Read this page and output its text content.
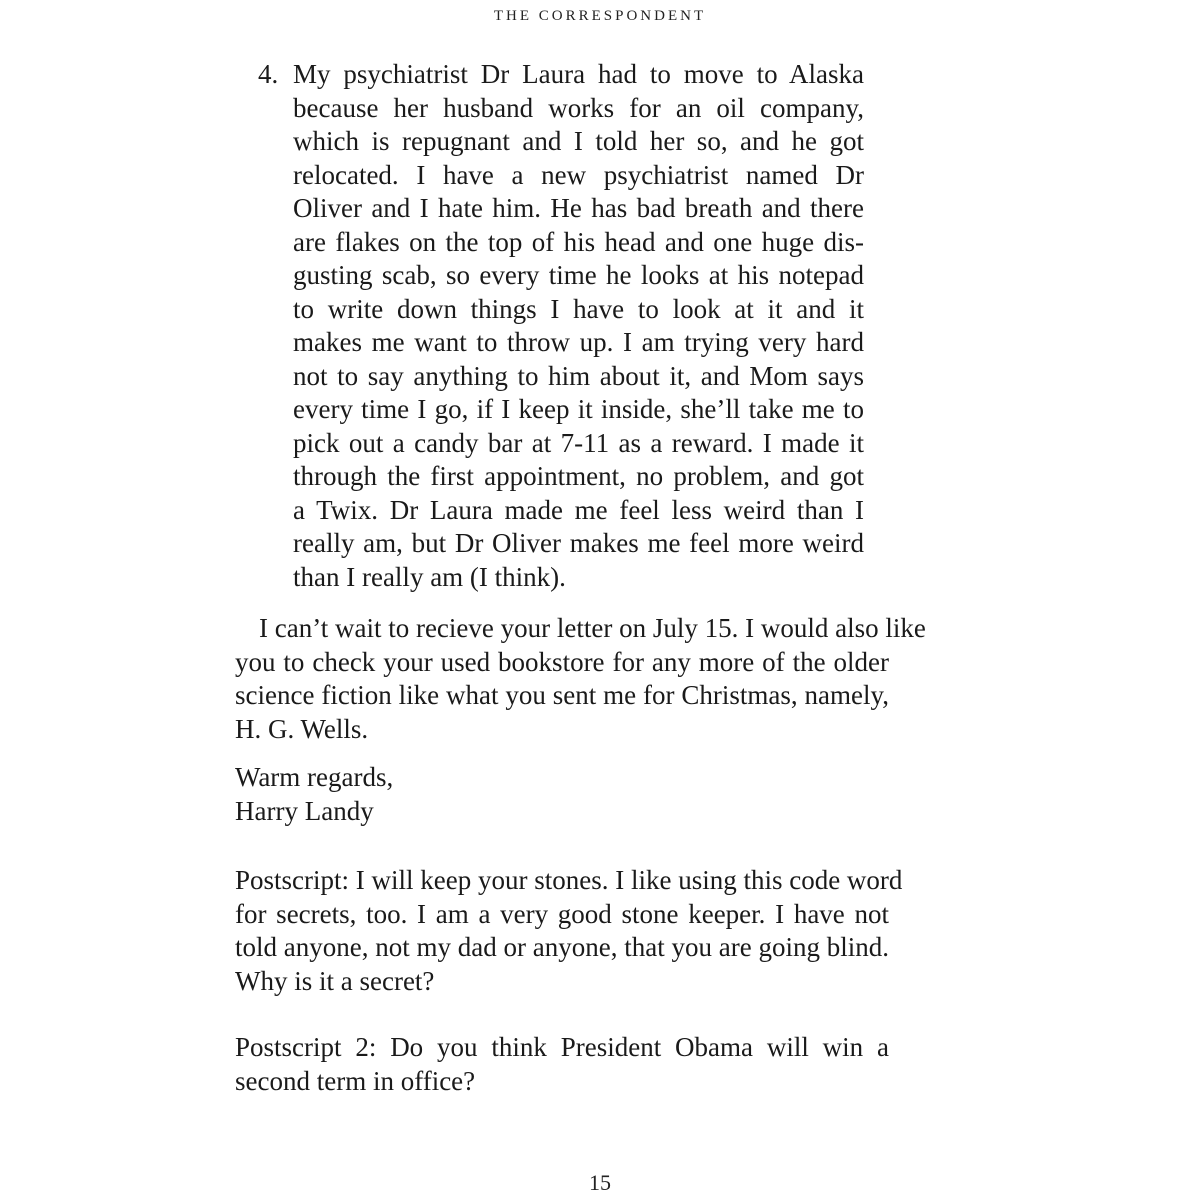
THE CORRESPONDENT
4. My psychiatrist Dr Laura had to move to Alaska
because her husband works for an oil company,
which is repugnant and I told her so, and he got
relocated. I have a new psychiatrist named Dr
Oliver and I hate him. He has bad breath and there
are flakes on the top of his head and one huge dis-
gusting scab, so every time he looks at his notepad
to write down things I have to look at it and it
makes me want to throw up. I am trying very hard
not to say anything to him about it, and Mom says
every time I go, if I keep it inside, she’ll take me to
pick out a candy bar at 7-11 as a reward. I made it
through the first appointment, no problem, and got
a Twix. Dr Laura made me feel less weird than I
really am, but Dr Oliver makes me feel more weird
than I really am (I think).
I can’t wait to recieve your letter on July 15. I would also like
you to check your used bookstore for any more of the older
science fiction like what you sent me for Christmas, namely,
H. G. Wells.
Warm regards,
Harry Landy
Postscript: I will keep your stones. I like using this code word
for secrets, too. I am a very good stone keeper. I have not
told anyone, not my dad or anyone, that you are going blind.
Why is it a secret?
Postscript 2: Do you think President Obama will win a
second term in office?
15
